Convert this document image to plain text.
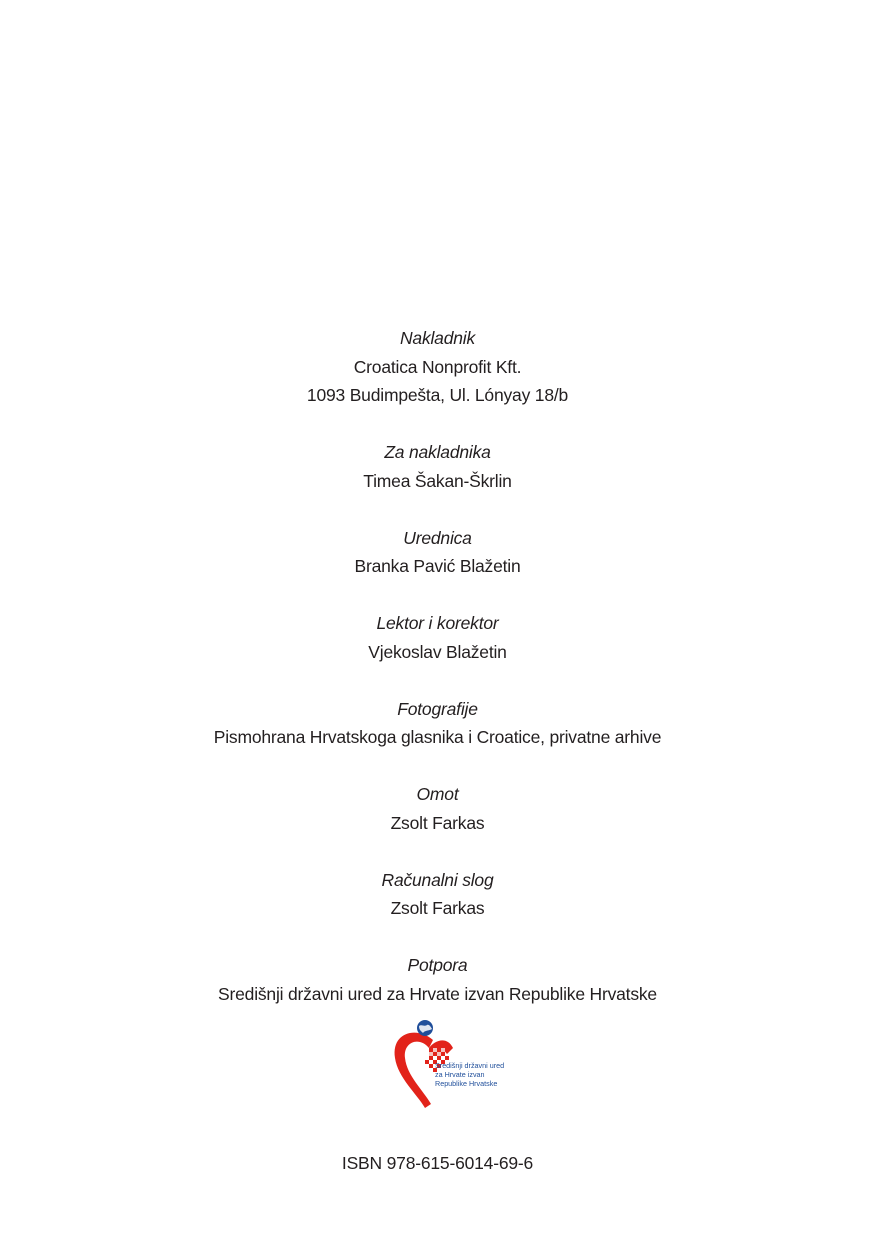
Nakladnik
Croatica Nonprofit Kft.
1093 Budimpešta, Ul. Lónyay 18/b
Za nakladnika
Timea Šakan-Škrlin
Urednica
Branka Pavić Blažetin
Lektor i korektor
Vjekoslav Blažetin
Fotografije
Pismohrana Hrvatskoga glasnika i Croatice, privatne arhive
Omot
Zsolt Farkas
Računalni slog
Zsolt Farkas
Potpora
Središnji državni ured za Hrvate izvan Republike Hrvatske
Središnji državni ured
za Hrvate izvan
Republike Hrvatske
ISBN 978-615-6014-69-6
